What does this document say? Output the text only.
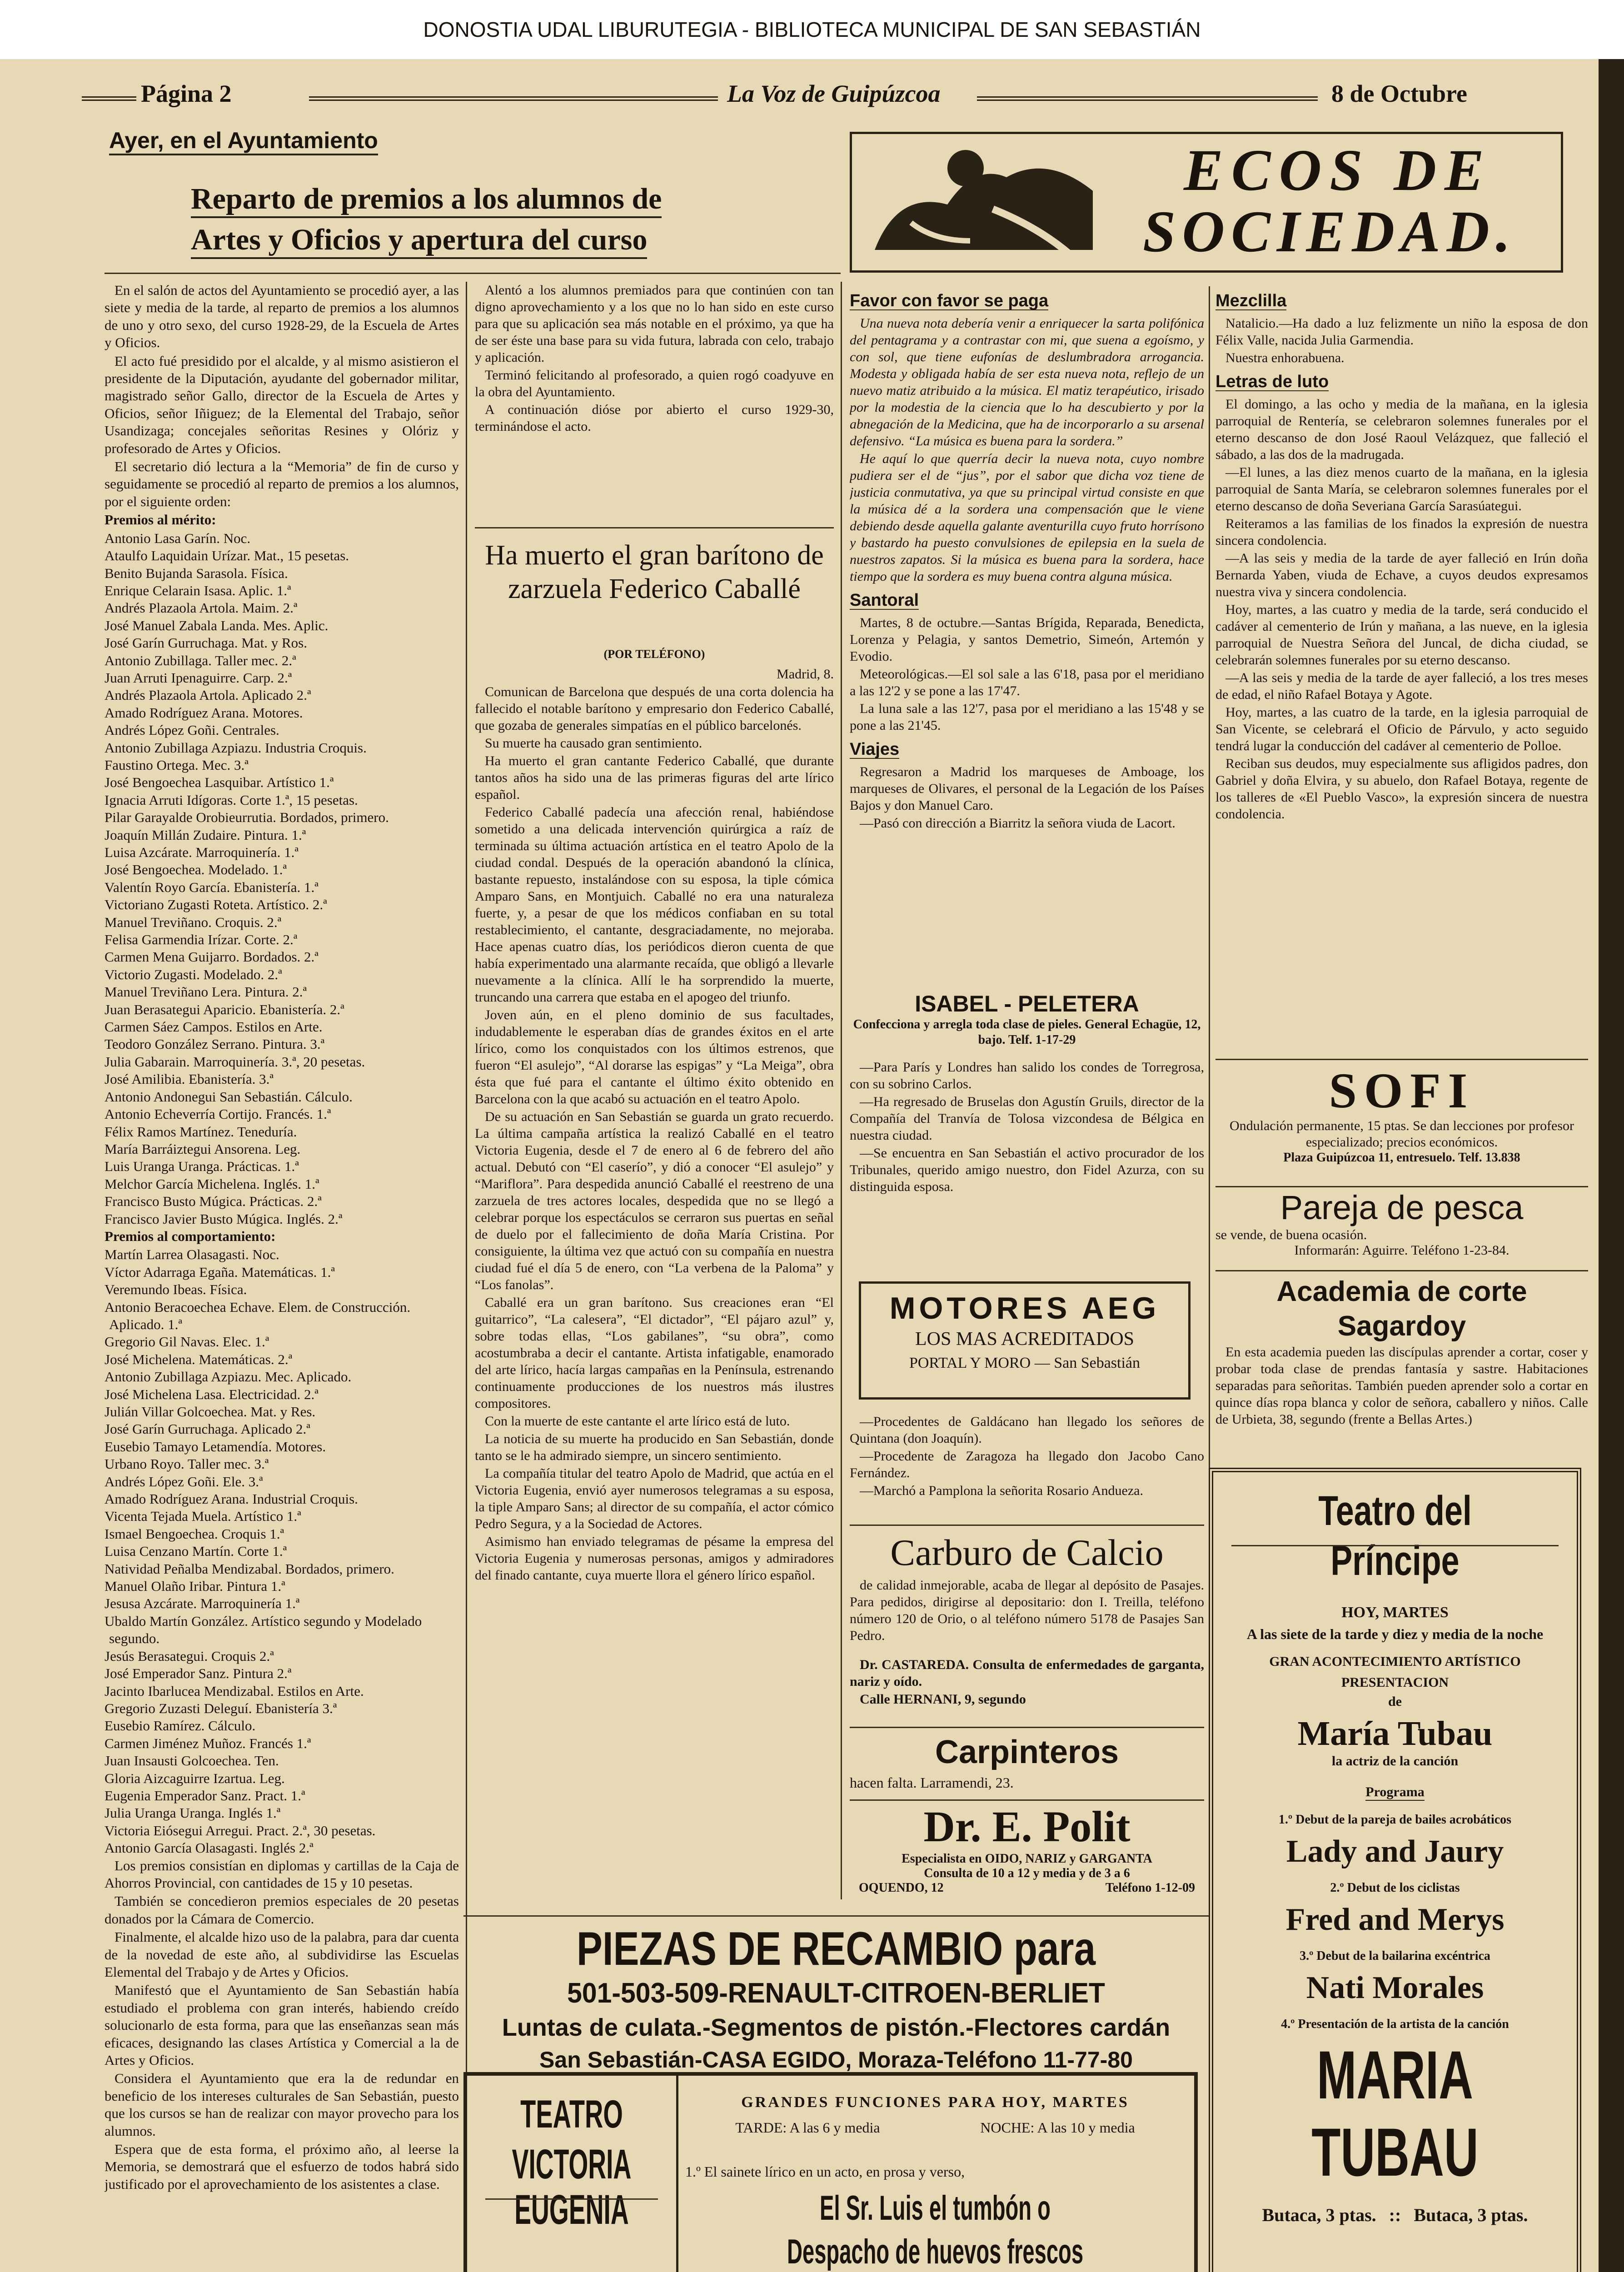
DONOSTIA UDAL LIBURUTEGIA - BIBLIOTECA MUNICIPAL DE SAN SEBASTIÁN
Página 2	La Voz de Guipúzcoa	8 de Octubre
Ayer, en el Ayuntamiento
Reparto de premios a los alumnos de
Artes y Oficios y apertura del curso

En el salón de actos del Ayuntamiento se procedió ayer, a las siete y media de la tarde, al reparto de premios a los alumnos de uno y otro sexo, del curso 1928-29, de la Escuela de Artes y Oficios.

El acto fué presidido por el alcalde, y al mismo asistieron el presidente de la Diputación, ayudante del gobernador militar, magistrado señor Gallo, director de la Escuela de Artes y Oficios, señor Iñiguez; de la Elemental del Trabajo, señor Usandizaga; concejales señoritas Resines y Olóriz y profesorado de Artes y Oficios.

El secretario dió lectura a la “Memoria” de fin de curso y seguidamente se procedió al reparto de premios a los alumnos, por el siguiente orden:

Premios al mérito:

Antonio Lasa Garín. Noc.
Ataulfo Laquidain Urízar. Mat., 15 pesetas.
Benito Bujanda Sarasola. Física.
Enrique Celarain Isasa. Aplic. 1.ª
Andrés Plazaola Artola. Maim. 2.ª
José Manuel Zabala Landa. Mes. Aplic.
José Garín Gurruchaga. Mat. y Ros.
Antonio Zubillaga. Taller mec. 2.ª
Juan Arruti Ipenaguirre. Carp. 2.ª
Andrés Plazaola Artola. Aplicado 2.ª
Amado Rodríguez Arana. Motores.
Andrés López Goñi. Centrales.
Antonio Zubillaga Azpiazu. Industria Croquis.
Faustino Ortega. Mec. 3.ª
José Bengoechea Lasquibar. Artístico 1.ª
Ignacia Arruti Idígoras. Corte 1.ª, 15 pesetas.
Pilar Garayalde Orobieurrutia. Bordados, primero.
Joaquín Millán Zudaire. Pintura. 1.ª
Luisa Azcárate. Marroquinería. 1.ª
José Bengoechea. Modelado. 1.ª
Valentín Royo García. Ebanistería. 1.ª
Victoriano Zugasti Roteta. Artístico. 2.ª
Manuel Treviñano. Croquis. 2.ª
Felisa Garmendia Irízar. Corte. 2.ª
Carmen Mena Guijarro. Bordados. 2.ª
Victorio Zugasti. Modelado. 2.ª
Manuel Treviñano Lera. Pintura. 2.ª
Juan Berasategui Aparicio. Ebanistería. 2.ª
Carmen Sáez Campos. Estilos en Arte.
Teodoro González Serrano. Pintura. 3.ª
Julia Gabarain. Marroquinería. 3.ª, 20 pesetas.
José Amilibia. Ebanistería. 3.ª
Antonio Andonegui San Sebastián. Cálculo.
Antonio Echeverría Cortijo. Francés. 1.ª
Félix Ramos Martínez. Teneduría.
María Barráiztegui Ansorena. Leg.
Luis Uranga Uranga. Prácticas. 1.ª
Melchor García Michelena. Inglés. 1.ª
Francisco Busto Múgica. Prácticas. 2.ª
Francisco Javier Busto Múgica. Inglés. 2.ª

Premios al comportamiento:

Martín Larrea Olasagasti. Noc.
Víctor Adarraga Egaña. Matemáticas. 1.ª
Veremundo Ibeas. Física.
Antonio Beracoechea Echave. Elem. de Construcción. Aplicado. 1.ª
Gregorio Gil Navas. Elec. 1.ª
José Michelena. Matemáticas. 2.ª
Antonio Zubillaga Azpiazu. Mec. Aplicado.
José Michelena Lasa. Electricidad. 2.ª
Julián Villar Golcoechea. Mat. y Res.
José Garín Gurruchaga. Aplicado 2.ª
Eusebio Tamayo Letamendía. Motores.
Urbano Royo. Taller mec. 3.ª
Andrés López Goñi. Ele. 3.ª
Amado Rodríguez Arana. Industrial Croquis.
Vicenta Tejada Muela. Artístico 1.ª
Ismael Bengoechea. Croquis 1.ª
Luisa Cenzano Martín. Corte 1.ª
Natividad Peñalba Mendizabal. Bordados, primero.
Manuel Olaño Iribar. Pintura 1.ª
Jesusa Azcárate. Marroquinería 1.ª
Ubaldo Martín González. Artístico segundo y Modelado segundo.
Jesús Berasategui. Croquis 2.ª
José Emperador Sanz. Pintura 2.ª
Jacinto Ibarlucea Mendizabal. Estilos en Arte.
Gregorio Zuzasti Deleguí. Ebanistería 3.ª
Eusebio Ramírez. Cálculo.
Carmen Jiménez Muñoz. Francés 1.ª
Juan Insausti Golcoechea. Ten.
Gloria Aizcaguirre Izartua. Leg.
Eugenia Emperador Sanz. Pract. 1.ª
Julia Uranga Uranga. Inglés 1.ª
Victoria Eiósegui Arregui. Pract. 2.ª, 30 pesetas.
Antonio García Olasagasti. Inglés 2.ª

Los premios consistían en diplomas y cartillas de la Caja de Ahorros Provincial, con cantidades de 15 y 10 pesetas.

También se concedieron premios especiales de 20 pesetas donados por la Cámara de Comercio.

Finalmente, el alcalde hizo uso de la palabra, para dar cuenta de la novedad de este año, al subdividirse las Escuelas Elemental del Trabajo y de Artes y Oficios.

Manifestó que el Ayuntamiento de San Sebastián había estudiado el problema con gran interés, habiendo creído solucionarlo de esta forma, para que las enseñanzas sean más eficaces, designando las clases Artística y Comercial a la de Artes y Oficios.

Considera el Ayuntamiento que era la de redundar en beneficio de los intereses culturales de San Sebastián, puesto que los cursos se han de realizar con mayor provecho para los alumnos.

Espera que de esta forma, el próximo año, al leerse la Memoria, se demostrará que el esfuerzo de todos habrá sido justificado por el aprovechamiento de los asistentes a clase.

Alentó a los alumnos premiados para que continúen con tan digno aprovechamiento y a los que no lo han sido en este curso para que su aplicación sea más notable en el próximo, ya que ha de ser éste una base para su vida futura, labrada con celo, trabajo y aplicación.

Terminó felicitando al profesorado, a quien rogó coadyuve en la obra del Ayuntamiento.

A continuación dióse por abierto el curso 1929-30, terminándose el acto.

Ha muerto el gran barítono de zarzuela Federico Caballé
(POR TELÉFONO)

Madrid, 8.

Comunican de Barcelona que después de una corta dolencia ha fallecido el notable barítono y empresario don Federico Caballé, que gozaba de generales simpatías en el público barcelonés.

Su muerte ha causado gran sentimiento.

Ha muerto el gran cantante Federico Caballé, que durante tantos años ha sido una de las primeras figuras del arte lírico español.

Federico Caballé padecía una afección renal, habiéndose sometido a una delicada intervención quirúrgica a raíz de terminada su última actuación artística en el teatro Apolo de la ciudad condal. Después de la operación abandonó la clínica, bastante repuesto, instalándose con su esposa, la tiple cómica Amparo Sans, en Montjuich. Caballé no era una naturaleza fuerte, y, a pesar de que los médicos confiaban en su total restablecimiento, el cantante, desgraciadamente, no mejoraba. Hace apenas cuatro días, los periódicos dieron cuenta de que había experimentado una alarmante recaída, que obligó a llevarle nuevamente a la clínica. Allí le ha sorprendido la muerte, truncando una carrera que estaba en el apogeo del triunfo.

Joven aún, en el pleno dominio de sus facultades, indudablemente le esperaban días de grandes éxitos en el arte lírico, como los conquistados con los últimos estrenos, que fueron “El asulejo”, “Al dorarse las espigas” y “La Meiga”, obra ésta que fué para el cantante el último éxito obtenido en Barcelona con la que acabó su actuación en el teatro Apolo.

De su actuación en San Sebastián se guarda un grato recuerdo. La última campaña artística la realizó Caballé en el teatro Victoria Eugenia, desde el 7 de enero al 6 de febrero del año actual. Debutó con “El caserío”, y dió a conocer “El asulejo” y “Mariflora”. Para despedida anunció Caballé el reestreno de una zarzuela de tres actores locales, despedida que no se llegó a celebrar porque los espectáculos se cerraron sus puertas en señal de duelo por el fallecimiento de doña María Cristina. Por consiguiente, la última vez que actuó con su compañía en nuestra ciudad fué el día 5 de enero, con “La verbena de la Paloma” y “Los fanolas”.

Caballé era un gran barítono. Sus creaciones eran “El guitarrico”, “La calesera”, “El dictador”, “El pájaro azul” y, sobre todas ellas, “Los gabilanes”, “su obra”, como acostumbraba a decir el cantante. Artista infatigable, enamorado del arte lírico, hacía largas campañas en la Península, estrenando continuamente producciones de los nuestros más ilustres compositores.

Con la muerte de este cantante el arte lírico está de luto.

La noticia de su muerte ha producido en San Sebastián, donde tanto se le ha admirado siempre, un sincero sentimiento.

La compañía titular del teatro Apolo de Madrid, que actúa en el Victoria Eugenia, envió ayer numerosos telegramas a su esposa, la tiple Amparo Sans; al director de su compañía, el actor cómico Pedro Segura, y a la Sociedad de Actores.

Asimismo han enviado telegramas de pésame la empresa del Victoria Eugenia y numerosas personas, amigos y admiradores del finado cantante, cuya muerte llora el género lírico español.

ECOS DE
SOCIEDAD.
Favor con favor se paga

Una nueva nota debería venir a enriquecer la sarta polifónica del pentagrama y a contrastar con mi, que suena a egoísmo, y con sol, que tiene eufonías de deslumbradora arrogancia. Modesta y obligada había de ser esta nueva nota, reflejo de un nuevo matiz atribuido a la música. El matiz terapéutico, irisado por la modestia de la ciencia que lo ha descubierto y por la abnegación de la Medicina, que ha de incorporarlo a su arsenal defensivo. “La música es buena para la sordera.”

He aquí lo que querría decir la nueva nota, cuyo nombre pudiera ser el de “jus”, por el sabor que dicha voz tiene de justicia conmutativa, ya que su principal virtud consiste en que la música dé a la sordera una compensación que le viene debiendo desde aquella galante aventurilla cuyo fruto horrísono y bastardo ha puesto convulsiones de epilepsia en la suela de nuestros zapatos. Si la música es buena para la sordera, hace tiempo que la sordera es muy buena contra alguna música.

Santoral

Martes, 8 de octubre.—Santas Brígida, Reparada, Benedicta, Lorenza y Pelagia, y santos Demetrio, Simeón, Artemón y Evodio.

Meteorológicas.—El sol sale a las 6'18, pasa por el meridiano a las 12'2 y se pone a las 17'47.

La luna sale a las 12'7, pasa por el meridiano a las 15'48 y se pone a las 21'45.

Viajes

Regresaron a Madrid los marqueses de Amboage, los marqueses de Olivares, el personal de la Legación de los Países Bajos y don Manuel Caro.

—Pasó con dirección a Biarritz la señora viuda de Lacort.

ISABEL - PELETERA
Confecciona y arregla toda clase de pieles. General Echagüe, 12, bajo. Telf. 1-17-29

—Para París y Londres han salido los condes de Torregrosa, con su sobrino Carlos.

—Ha regresado de Bruselas don Agustín Gruils, director de la Compañía del Tranvía de Tolosa vizcondesa de Bélgica en nuestra ciudad.

—Se encuentra en San Sebastián el activo procurador de los Tribunales, querido amigo nuestro, don Fidel Azurza, con su distinguida esposa.

MOTORES AEG
LOS MAS ACREDITADOS
PORTAL Y MORO — San Sebastián

—Procedentes de Galdácano han llegado los señores de Quintana (don Joaquín).

—Procedente de Zaragoza ha llegado don Jacobo Cano Fernández.

—Marchó a Pamplona la señorita Rosario Andueza.

Carburo de Calcio

de calidad inmejorable, acaba de llegar al depósito de Pasajes. Para pedidos, dirigirse al depositario: don I. Treilla, teléfono número 120 de Orio, o al teléfono número 5178 de Pasajes San Pedro.

Dr. CASTAREDA. Consulta de enfermedades de garganta, nariz y oído.

Calle HERNANI, 9, segundo

Carpinteros
hacen falta. Larramendi, 23.
Dr. E. Polit
Especialista en OIDO, NARIZ y GARGANTA
Consulta de 10 a 12 y media y de 3 a 6
OQUENDO, 12	Teléfono 1-12-09
Mezclilla

Natalicio.—Ha dado a luz felizmente un niño la esposa de don Félix Valle, nacida Julia Garmendia.

Nuestra enhorabuena.

Letras de luto

El domingo, a las ocho y media de la mañana, en la iglesia parroquial de Rentería, se celebraron solemnes funerales por el eterno descanso de don José Raoul Velázquez, que falleció el sábado, a las dos de la madrugada.

—El lunes, a las diez menos cuarto de la mañana, en la iglesia parroquial de Santa María, se celebraron solemnes funerales por el eterno descanso de doña Severiana García Sarasúategui.

Reiteramos a las familias de los finados la expresión de nuestra sincera condolencia.

—A las seis y media de la tarde de ayer falleció en Irún doña Bernarda Yaben, viuda de Echave, a cuyos deudos expresamos nuestra viva y sincera condolencia.

Hoy, martes, a las cuatro y media de la tarde, será conducido el cadáver al cementerio de Irún y mañana, a las nueve, en la iglesia parroquial de Nuestra Señora del Juncal, de dicha ciudad, se celebrarán solemnes funerales por su eterno descanso.

—A las seis y media de la tarde de ayer falleció, a los tres meses de edad, el niño Rafael Botaya y Agote.

Hoy, martes, a las cuatro de la tarde, en la iglesia parroquial de San Vicente, se celebrará el Oficio de Párvulo, y acto seguido tendrá lugar la conducción del cadáver al cementerio de Polloe.

Reciban sus deudos, muy especialmente sus afligidos padres, don Gabriel y doña Elvira, y su abuelo, don Rafael Botaya, regente de los talleres de «El Pueblo Vasco», la expresión sincera de nuestra condolencia.

SOFI
Ondulación permanente, 15 ptas. Se dan lecciones por profesor especializado; precios económicos.
Plaza Guipúzcoa 11, entresuelo. Telf. 13.838
Pareja de pesca
se vende, de buena ocasión.
Informarán: Aguirre. Teléfono 1-23-84.
Academia de corte Sagardoy

En esta academia pueden las discípulas aprender a cortar, coser y probar toda clase de prendas fantasía y sastre. Habitaciones separadas para señoritas. También pueden aprender solo a cortar en quince días ropa blanca y color de señora, caballero y niños. Calle de Urbieta, 38, segundo (frente a Bellas Artes.)

Teatro del Príncipe
HOY, MARTES
A las siete de la tarde y diez y media de la noche
GRAN ACONTECIMIENTO ARTÍSTICO
PRESENTACION
de
María Tubau
la actriz de la canción
Programa
1.º Debut de la pareja de bailes acrobáticos
Lady and Jaury
2.º Debut de los ciclistas
Fred and Merys
3.º Debut de la bailarina excéntrica
Nati Morales
4.º Presentación de la artista de la canción
MARIA TUBAU
Butaca, 3 ptas. :: Butaca, 3 ptas.
PIEZAS DE RECAMBIO para
501-503-509-RENAULT-CITROEN-BERLIET
Luntas de culata.-Segmentos de pistón.-Flectores cardán
San Sebastián-CASA EGIDO, Moraza-Teléfono 11-77-80
TEATRO
VICTORIA EUGENIA
GRANDES FUNCIONES PARA HOY, MARTES
TARDE: A las 6 y media	NOCHE: A las 10 y media
1.º El sainete lírico en un acto, en prosa y verso,
El Sr. Luis el tumbón o Despacho de huevos frescos
